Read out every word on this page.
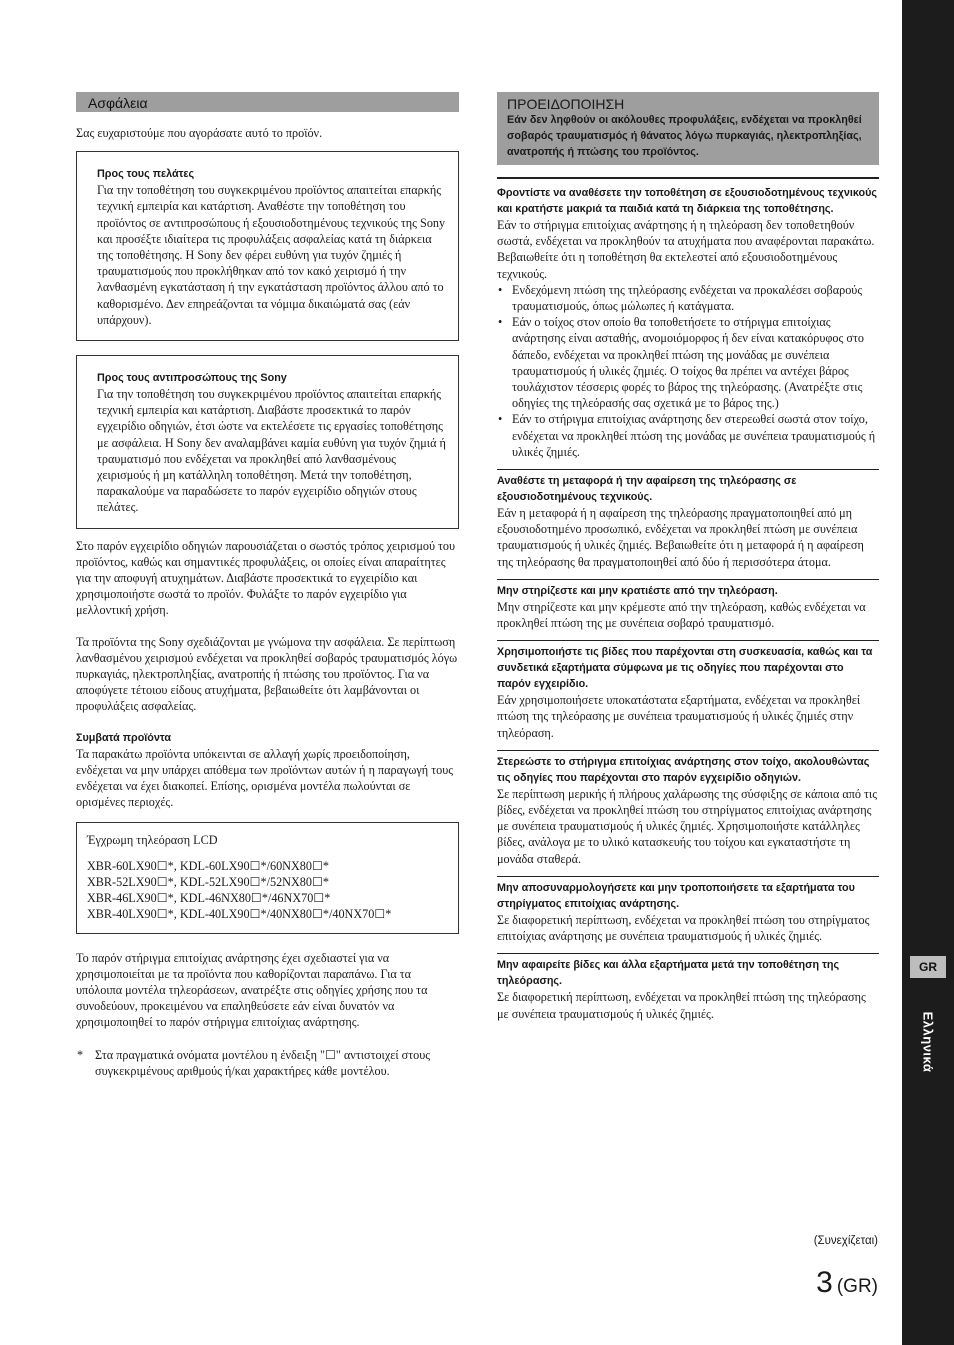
Ασφάλεια

Σας ευχαριστούμε που αγοράσατε αυτό το προϊόν.

Προς τους πελάτες

Για την τοποθέτηση του συγκεκριμένου προϊόντος απαιτείται επαρκής τεχνική εμπειρία και κατάρτιση. Αναθέστε την τοποθέτηση του προϊόντος σε αντιπροσώπους ή εξουσιοδοτημένους τεχνικούς της Sony και προσέξτε ιδιαίτερα τις προφυλάξεις ασφαλείας κατά τη διάρκεια της τοποθέτησης. Η Sony δεν φέρει ευθύνη για τυχόν ζημιές ή τραυματισμούς που προκλήθηκαν από τον κακό χειρισμό ή την λανθασμένη εγκατάσταση ή την εγκατάσταση προϊόντος άλλου από το καθορισμένο. Δεν επηρεάζονται τα νόμιμα δικαιώματά σας (εάν υπάρχουν).

Προς τους αντιπροσώπους της Sony

Για την τοποθέτηση του συγκεκριμένου προϊόντος απαιτείται επαρκής τεχνική εμπειρία και κατάρτιση. Διαβάστε προσεκτικά το παρόν εγχειρίδιο οδηγιών, έτσι ώστε να εκτελέσετε τις εργασίες τοποθέτησης με ασφάλεια. Η Sony δεν αναλαμβάνει καμία ευθύνη για τυχόν ζημιά ή τραυματισμό που ενδέχεται να προκληθεί από λανθασμένους χειρισμούς ή μη κατάλληλη τοποθέτηση. Μετά την τοποθέτηση, παρακαλούμε να παραδώσετε το παρόν εγχειρίδιο οδηγιών στους πελάτες.

Στο παρόν εγχειρίδιο οδηγιών παρουσιάζεται ο σωστός τρόπος χειρισμού του προϊόντος, καθώς και σημαντικές προφυλάξεις, οι οποίες είναι απαραίτητες για την αποφυγή ατυχημάτων. Διαβάστε προσεκτικά το εγχειρίδιο και χρησιμοποιήστε σωστά το προϊόν. Φυλάξτε το παρόν εγχειρίδιο για μελλοντική χρήση.

Τα προϊόντα της Sony σχεδιάζονται με γνώμονα την ασφάλεια. Σε περίπτωση λανθασμένου χειρισμού ενδέχεται να προκληθεί σοβαρός τραυματισμός λόγω πυρκαγιάς, ηλεκτροπληξίας, ανατροπής ή πτώσης του προϊόντος. Για να αποφύγετε τέτοιου είδους ατυχήματα, βεβαιωθείτε ότι λαμβάνονται οι προφυλάξεις ασφαλείας.

Συμβατά προϊόντα

Τα παρακάτω προϊόντα υπόκεινται σε αλλαγή χωρίς προειδοποίηση, ενδέχεται να μην υπάρχει απόθεμα των προϊόντων αυτών ή η παραγωγή τους ενδέχεται να έχει διακοπεί. Επίσης, ορισμένα μοντέλα πωλούνται σε ορισμένες περιοχές.

Έγχρωμη τηλεόραση LCD

XBR-60LX90☐*, KDL-60LX90☐*/60NX80☐*

XBR-52LX90☐*, KDL-52LX90☐*/52NX80☐*

XBR-46LX90☐*, KDL-46NX80☐*/46NX70☐*

XBR-40LX90☐*, KDL-40LX90☐*/40NX80☐*/40NX70☐*

Το παρόν στήριγμα επιτοίχιας ανάρτησης έχει σχεδιαστεί για να χρησιμοποιείται με τα προϊόντα που καθορίζονται παραπάνω. Για τα υπόλοιπα μοντέλα τηλεοράσεων, ανατρέξτε στις οδηγίες χρήσης που τα συνοδεύουν, προκειμένου να επαληθεύσετε εάν είναι δυνατόν να χρησιμοποιηθεί το παρόν στήριγμα επιτοίχιας ανάρτησης.

* Στα πραγματικά ονόματα μοντέλου η ένδειξη "☐" αντιστοιχεί στους συγκεκριμένους αριθμούς ή/και χαρακτήρες κάθε μοντέλου.

ΠΡΟΕΙΔΟΠΟΙΗΣΗ

Εάν δεν ληφθούν οι ακόλουθες προφυλάξεις, ενδέχεται να προκληθεί σοβαρός τραυματισμός ή θάνατος λόγω πυρκαγιάς, ηλεκτροπληξίας, ανατροπής ή πτώσης του προϊόντος.

Φροντίστε να αναθέσετε την τοποθέτηση σε εξουσιοδοτημένους τεχνικούς και κρατήστε μακριά τα παιδιά κατά τη διάρκεια της τοποθέτησης.

Εάν το στήριγμα επιτοίχιας ανάρτησης ή η τηλεόραση δεν τοποθετηθούν σωστά, ενδέχεται να προκληθούν τα ατυχήματα που αναφέρονται παρακάτω. Βεβαιωθείτε ότι η τοποθέτηση θα εκτελεστεί από εξουσιοδοτημένους τεχνικούς.

• Ενδεχόμενη πτώση της τηλεόρασης ενδέχεται να προκαλέσει σοβαρούς τραυματισμούς, όπως μώλωπες ή κατάγματα.
• Εάν ο τοίχος στον οποίο θα τοποθετήσετε το στήριγμα επιτοίχιας ανάρτησης είναι ασταθής, ανομοιόμορφος ή δεν είναι κατακόρυφος στο δάπεδο, ενδέχεται να προκληθεί πτώση της μονάδας με συνέπεια τραυματισμούς ή υλικές ζημιές. Ο τοίχος θα πρέπει να αντέχει βάρος τουλάχιστον τέσσερις φορές το βάρος της τηλεόρασης. (Ανατρέξτε στις οδηγίες της τηλεόρασής σας σχετικά με το βάρος της.)
• Εάν το στήριγμα επιτοίχιας ανάρτησης δεν στερεωθεί σωστά στον τοίχο, ενδέχεται να προκληθεί πτώση της μονάδας με συνέπεια τραυματισμούς ή υλικές ζημιές.

Αναθέστε τη μεταφορά ή την αφαίρεση της τηλεόρασης σε εξουσιοδοτημένους τεχνικούς.

Εάν η μεταφορά ή η αφαίρεση της τηλεόρασης πραγματοποιηθεί από μη εξουσιοδοτημένο προσωπικό, ενδέχεται να προκληθεί πτώση με συνέπεια τραυματισμούς ή υλικές ζημιές. Βεβαιωθείτε ότι η μεταφορά ή η αφαίρεση της τηλεόρασης θα πραγματοποιηθεί από δύο ή περισσότερα άτομα.

Μην στηρίζεστε και μην κρατιέστε από την τηλεόραση.

Μην στηρίζεστε και μην κρέμεστε από την τηλεόραση, καθώς ενδέχεται να προκληθεί πτώση της με συνέπεια σοβαρό τραυματισμό.

Χρησιμοποιήστε τις βίδες που παρέχονται στη συσκευασία, καθώς και τα συνδετικά εξαρτήματα σύμφωνα με τις οδηγίες που παρέχονται στο παρόν εγχειρίδιο.

Εάν χρησιμοποιήσετε υποκατάστατα εξαρτήματα, ενδέχεται να προκληθεί πτώση της τηλεόρασης με συνέπεια τραυματισμούς ή υλικές ζημιές στην τηλεόραση.

Στερεώστε το στήριγμα επιτοίχιας ανάρτησης στον τοίχο, ακολουθώντας τις οδηγίες που παρέχονται στο παρόν εγχειρίδιο οδηγιών.

Σε περίπτωση μερικής ή πλήρους χαλάρωσης της σύσφιξης σε κάποια από τις βίδες, ενδέχεται να προκληθεί πτώση του στηρίγματος επιτοίχιας ανάρτησης με συνέπεια τραυματισμούς ή υλικές ζημιές. Χρησιμοποιήστε κατάλληλες βίδες, ανάλογα με το υλικό κατασκευής του τοίχου και εγκαταστήστε τη μονάδα σταθερά.

Μην αποσυναρμολογήσετε και μην τροποποιήσετε τα εξαρτήματα του στηρίγματος επιτοίχιας ανάρτησης.

Σε διαφορετική περίπτωση, ενδέχεται να προκληθεί πτώση του στηρίγματος επιτοίχιας ανάρτησης με συνέπεια τραυματισμούς ή υλικές ζημιές.

Μην αφαιρείτε βίδες και άλλα εξαρτήματα μετά την τοποθέτηση της τηλεόρασης.

Σε διαφορετική περίπτωση, ενδέχεται να προκληθεί πτώση της τηλεόρασης με συνέπεια τραυματισμούς ή υλικές ζημιές.

GR
Ελληνικά
(Συνεχίζεται)
3 (GR)
